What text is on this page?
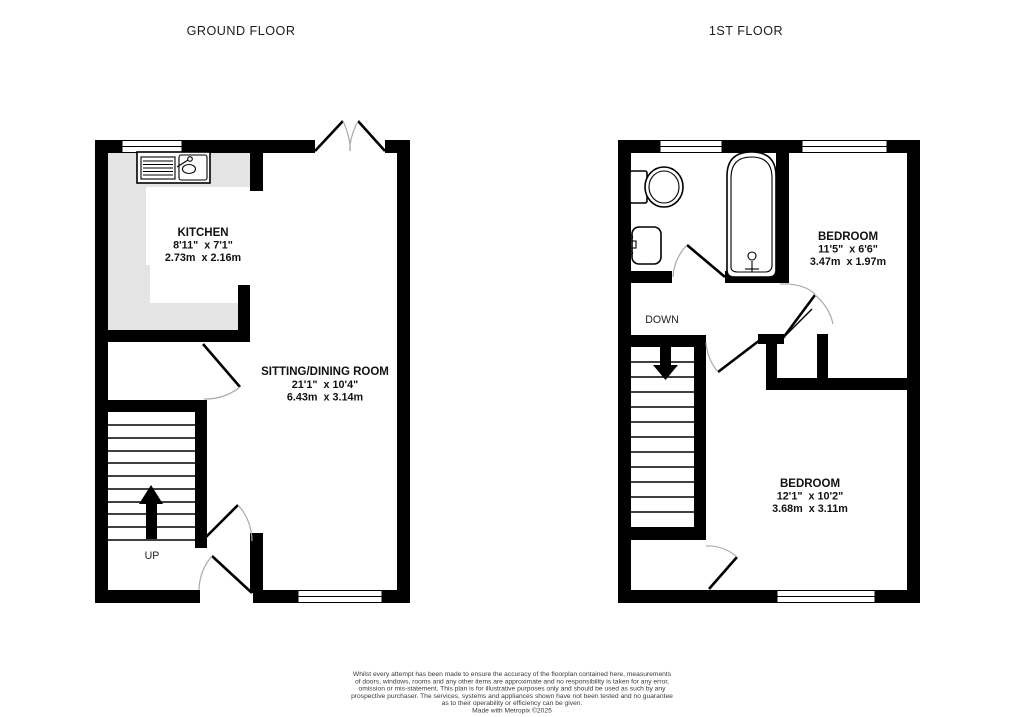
GROUND FLOOR	1ST FLOOR
UP
KITCHEN
8'11"  x 7'1"
2.73m  x 2.16m
SITTING/DINING ROOM
21'1"  x 10'4"
6.43m  x 3.14m
DOWN
BEDROOM
11'5"  x 6'6"
3.47m  x 1.97m
BEDROOM
12'1"  x 10'2"
3.68m  x 3.11m
Whilst every attempt has been made to ensure the accuracy of the floorplan contained here, measurements
of doors, windows, rooms and any other items are approximate and no responsibility is taken for any error,
omission or mis-statement. This plan is for illustrative purposes only and should be used as such by any
prospective purchaser. The services, systems and appliances shown have not been tested and no guarantee
as to their operability or efficiency can be given.
Made with Metropix ©2025
